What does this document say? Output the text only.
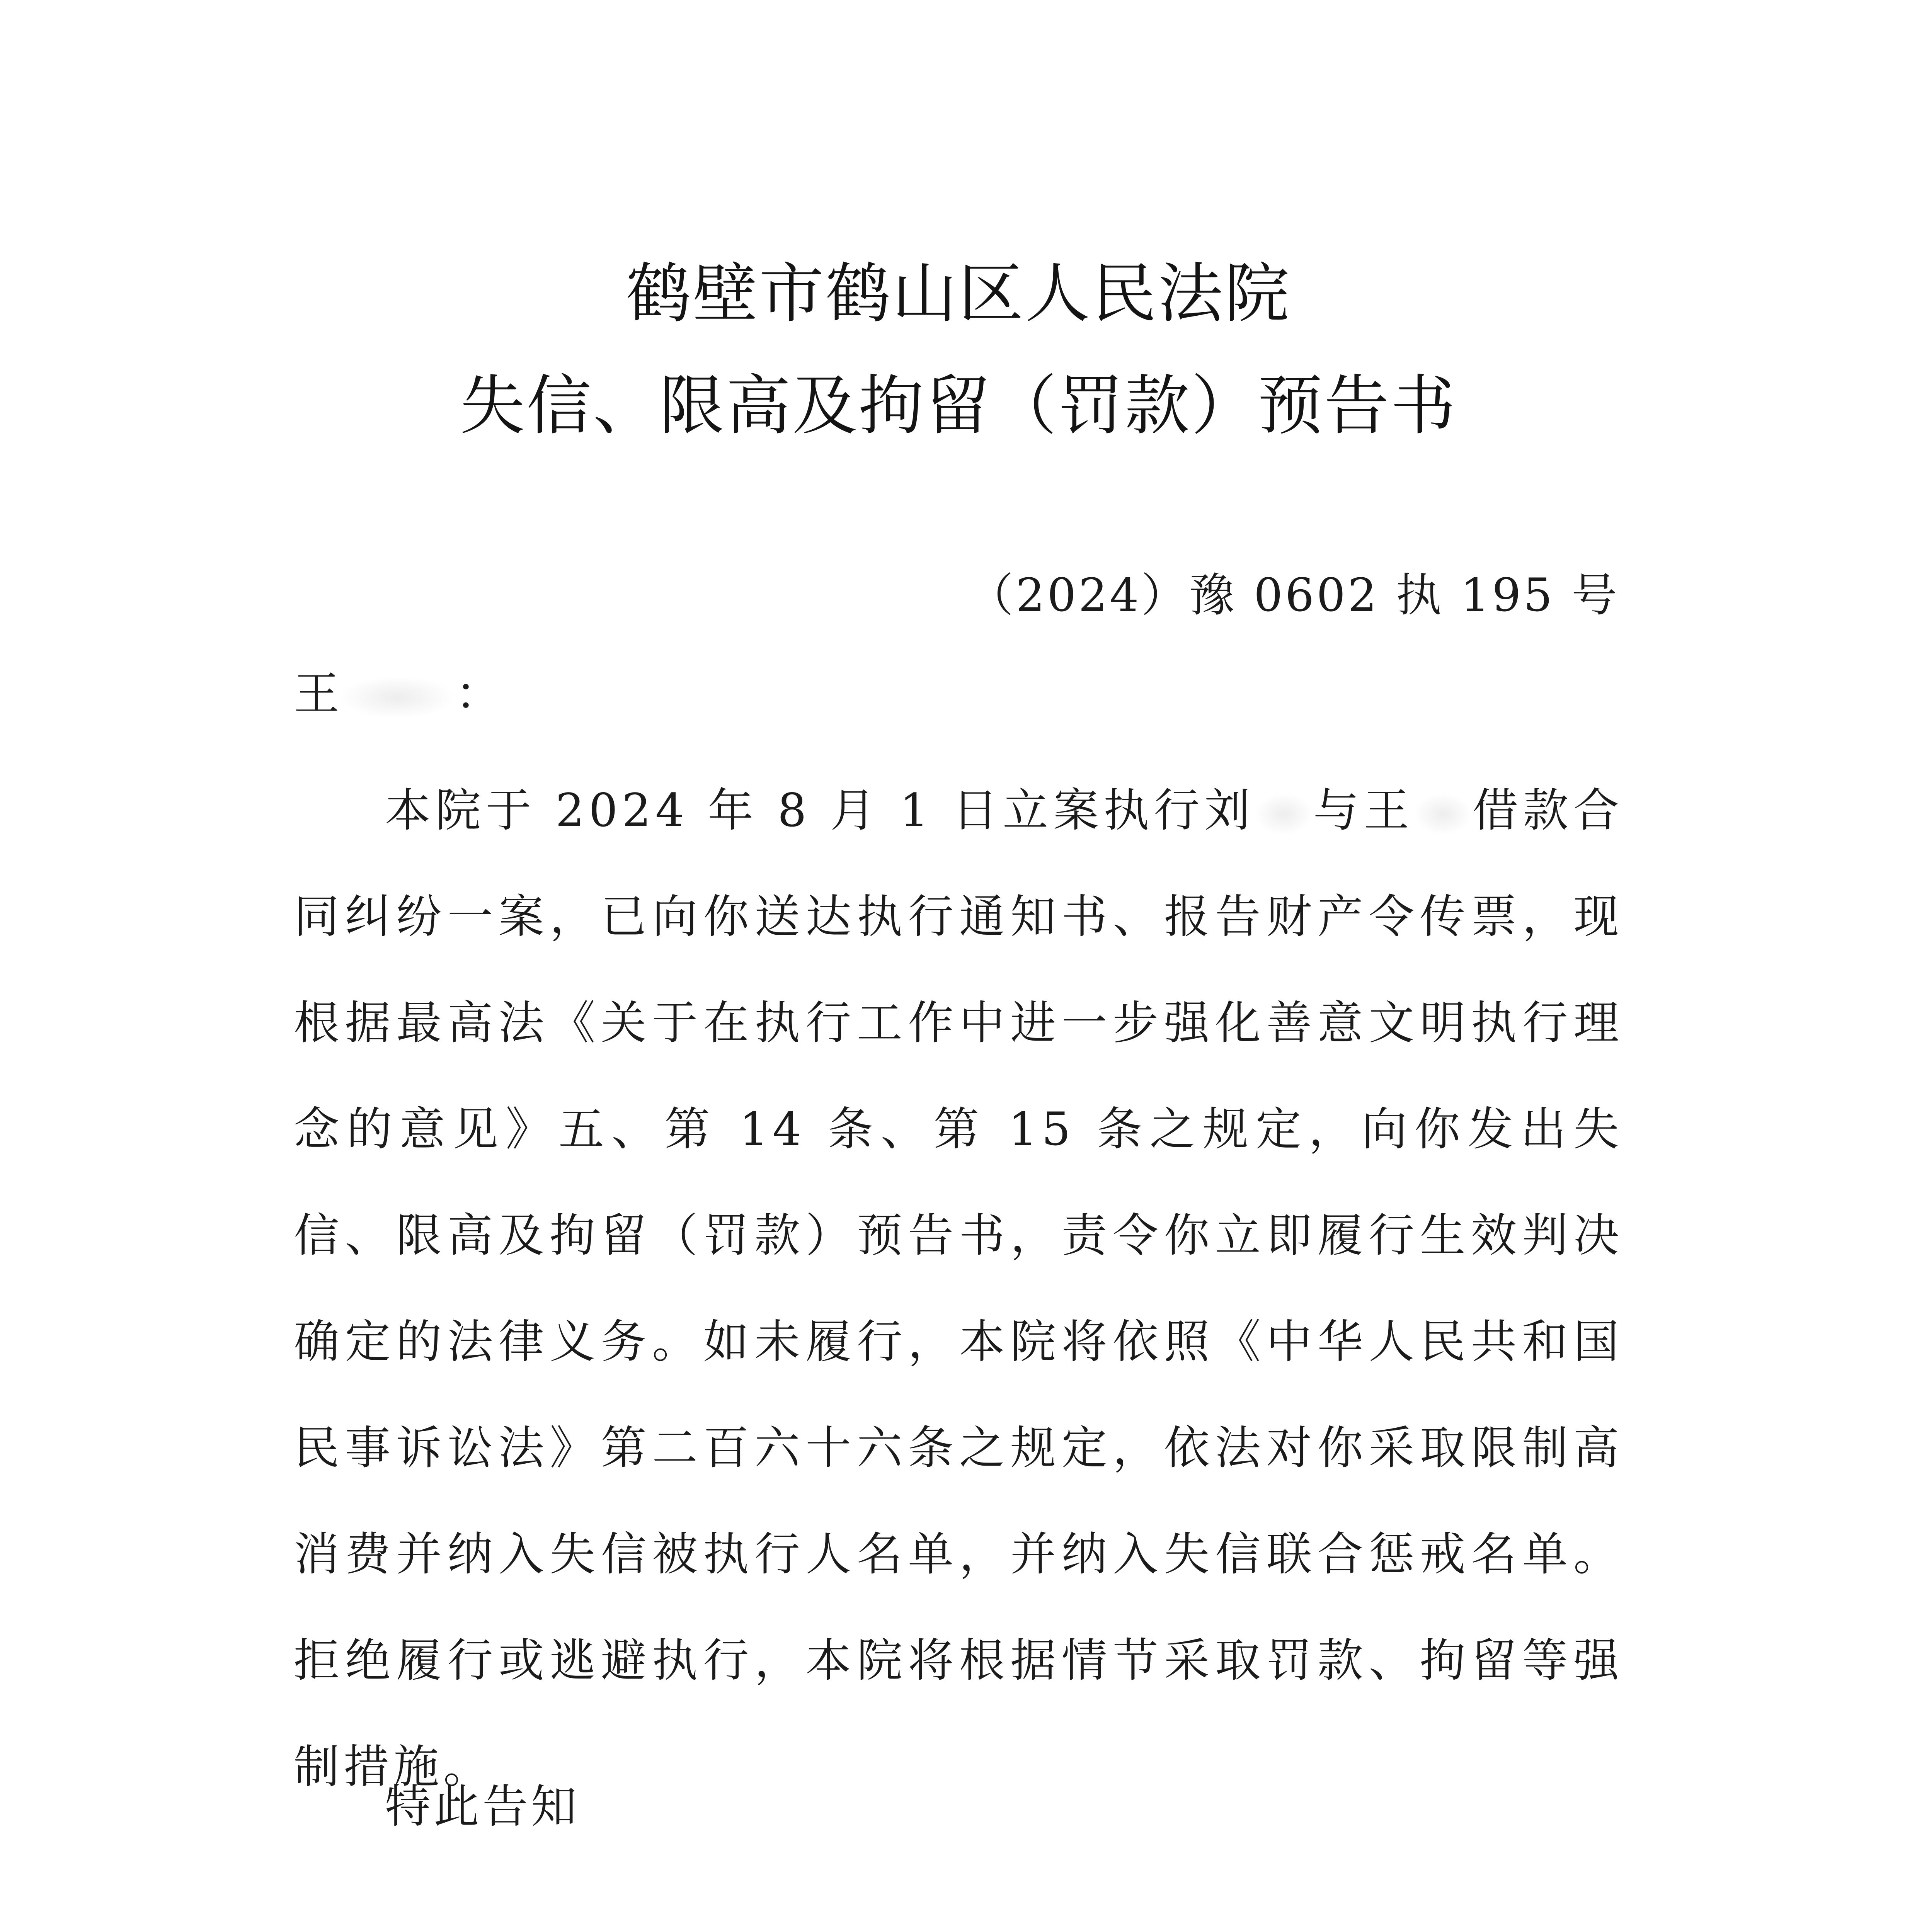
鹤壁市鹤山区人民法院
失信、限高及拘留（罚款）预告书
（2024）豫 0602 执 195 号
王	：

本院于 2024 年 8 月 1 日立案执行刘 与王 借款合同纠纷一案，已向你送达执行通知书、报告财产令传票，现根据最高法《关于在执行工作中进一步强化善意文明执行理念的意见》五、第 14 条、第 15 条之规定，向你发出失信、限高及拘留（罚款）预告书，责令你立即履行生效判决确定的法律义务。如未履行，本院将依照《中华人民共和国民事诉讼法》第二百六十六条之规定，依法对你采取限制高消费并纳入失信被执行人名单，并纳入失信联合惩戒名单。拒绝履行或逃避执行，本院将根据情节采取罚款、拘留等强制措施。

特此告知
